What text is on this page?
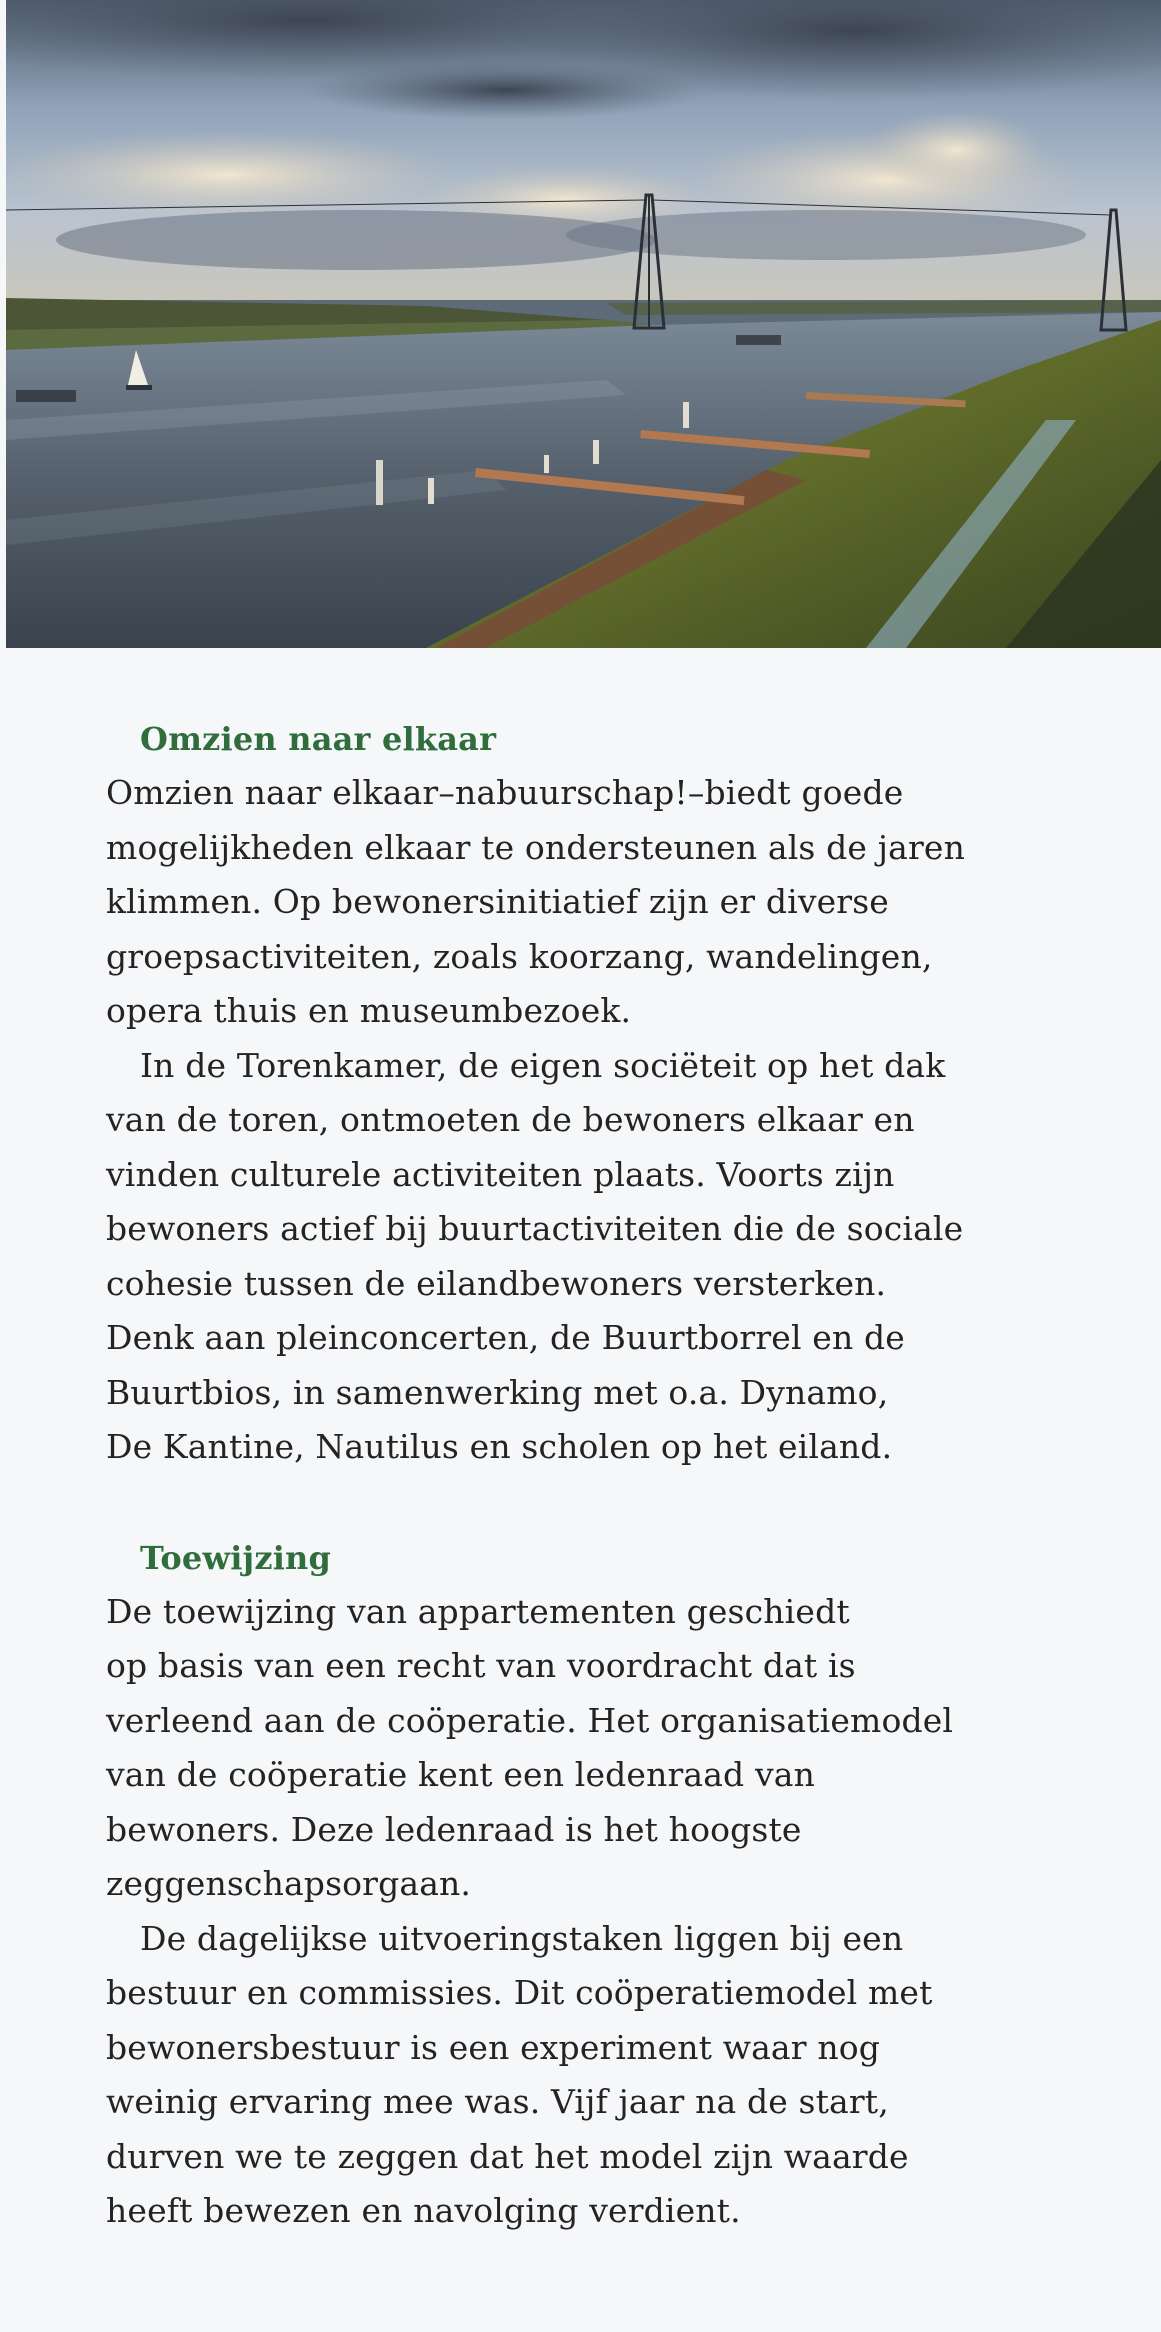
Omzien naar elkaar

Omzien naar elkaar–nabuurschap!–biedt goede
mogelijkheden elkaar te ondersteunen als de jaren
klimmen. Op bewonersinitiatief zijn er diverse
groepsactiviteiten, zoals koorzang, wandelingen,
opera thuis en museumbezoek.

In de Torenkamer, de eigen sociëteit op het dak
van de toren, ontmoeten de bewoners elkaar en
vinden culturele activiteiten plaats. Voorts zijn
bewoners actief bij buurtactiviteiten die de sociale
cohesie tussen de eilandbewoners versterken.
Denk aan pleinconcerten, de Buurtborrel en de
Buurtbios, in samenwerking met o.a. Dynamo,
De Kantine, Nautilus en scholen op het eiland.

Toewijzing

De toewijzing van appartementen geschiedt
op basis van een recht van voordracht dat is
verleend aan de coöperatie. Het organisatiemodel
van de coöperatie kent een ledenraad van
bewoners. Deze ledenraad is het hoogste
zeggenschapsorgaan.

De dagelijkse uitvoeringstaken liggen bij een
bestuur en commissies. Dit coöperatiemodel met
bewonersbestuur is een experiment waar nog
weinig ervaring mee was. Vijf jaar na de start,
durven we te zeggen dat het model zijn waarde
heeft bewezen en navolging verdient.
